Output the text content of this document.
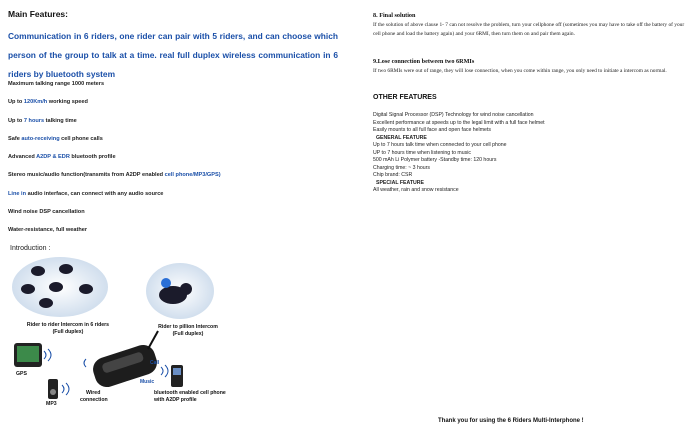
Main Features:
Communication in 6 riders, one rider can pair with 5 riders, and can choose which person of the group to talk at a time. real full duplex wireless communication in 6 riders by bluetooth system
Maximum talking range 1000 meters
Up to 120Km/h working speed
Up to 7 hours talking time
Safe auto-receiving cell phone calls
Advanced A2DP & EDR bluetooth profile
Stereo music/audio function(transmits from A2DP enabled cell phone/MP3/GPS)
Line in audio interface, can connect with any audio source
Wind noise DSP cancellation
Water-resistance, full weather
8. Final solution
If the solution of above clause 1- 7 can not resolve the problem, turn your cellphone off (sometimes you may have to take off the battery of your cell phone and load the battery again) and your 6RMI, then turn them on and pair them again.
9.Lose connection between two 6RMIs
If two 6RMIs were out of range, they will lose connection, when you come within range, you only need to initiate a intercom as normal.
OTHER FEATURES
Digital Signal Processor (DSP) Technology for wind noise cancellation
Excellent performance at speeds up to the legal limit with a full face helmet
Easily mounts to all full face and open face helmets
GENERAL FEATURE
Up to 7 hours talk time when connected to your cell phone
UP to 7 hours time when listening to music
500 mAh Li Polymer battery -Standby time: 120 hours
Charging time: ~ 3 hours
Chip brand: CSR
SPECIAL FEATURE
All weather, rain and snow resistance
Introduction :
Rider to rider Intercom in 6 riders
(Full duplex)
Rider to pillion Intercom
(Full duplex)
GPS
MP3
Wired
connection
Call
Music
bluetooth enabled cell phone
with A2DP profile
Thank you for using the 6 Riders Multi-Interphone !
